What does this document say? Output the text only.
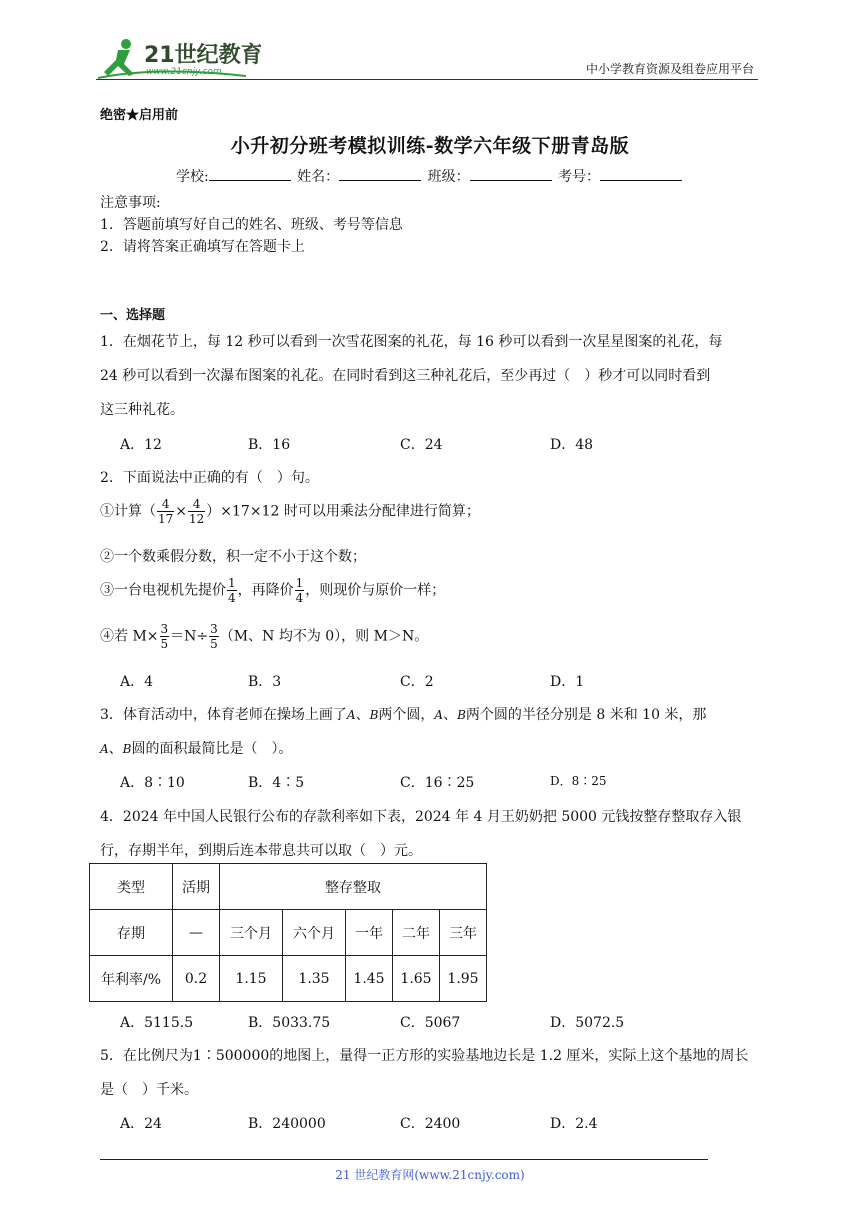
21世纪教育
www.21cnjy.com	中小学教育资源及组卷应用平台
绝密★启用前
小升初分班考模拟训练-数学六年级下册青岛版
学校:	姓名：	班级：	考号：
注意事项:
1．答题前填写好自己的姓名、班级、考号等信息
2．请将答案正确填写在答题卡上
一、选择题
1．在烟花节上，每 12 秒可以看到一次雪花图案的礼花，每 16 秒可以看到一次星星图案的礼花，每
24 秒可以看到一次瀑布图案的礼花。在同时看到这三种礼花后，至少再过（　）秒才可以同时看到
这三种礼花。
A．12	B．16	C．24	D．48
2．下面说法中正确的有（　）句。
①计算（ $\frac{4}{17} \times \frac{4}{12} )\times 17\times 12$ 时可以用乘法分配律进行简算；
②一个数乘假分数，积一定不小于这个数；
③一台电视机先提价 $\frac{1}{4}$ ，再降价 $\frac{1}{4}$ ，则现价与原价一样；
④若 $M\times \frac{3}{5} =N\div \frac{3}{5} (M$、N 均不为 0），则 M＞N。
A．4	B．3	C．2	D．1
3．体育活动中，体育老师在操场上画了A、B两个圆，A、B两个圆的半径分别是 8 米和 10 米，那
A、B圆的面积最简比是（　）。
A．8∶10	B．4∶5	C．16∶25	D．8∶25
4．2024 年中国人民银行公布的存款利率如下表，2024 年 4 月王奶奶把 5000 元钱按整存整取存入银
行，存期半年，到期后连本带息共可以取（　）元。
类型	活期	整存整取				
存期	—	三个月	六个月	一年	二年	三年
年利率/%	0.2	1.15	1.35	1.45	1.65	1.95
A．5115.5	B．5033.75	C．5067	D．5072.5
5．在比例尺为1∶500000的地图上，量得一正方形的实验基地边长是 1.2 厘米，实际上这个基地的周长
是（　）千米。
A．24	B．240000	C．2400	D．2.4
21 世纪教育网(www.21cnjy.com)
